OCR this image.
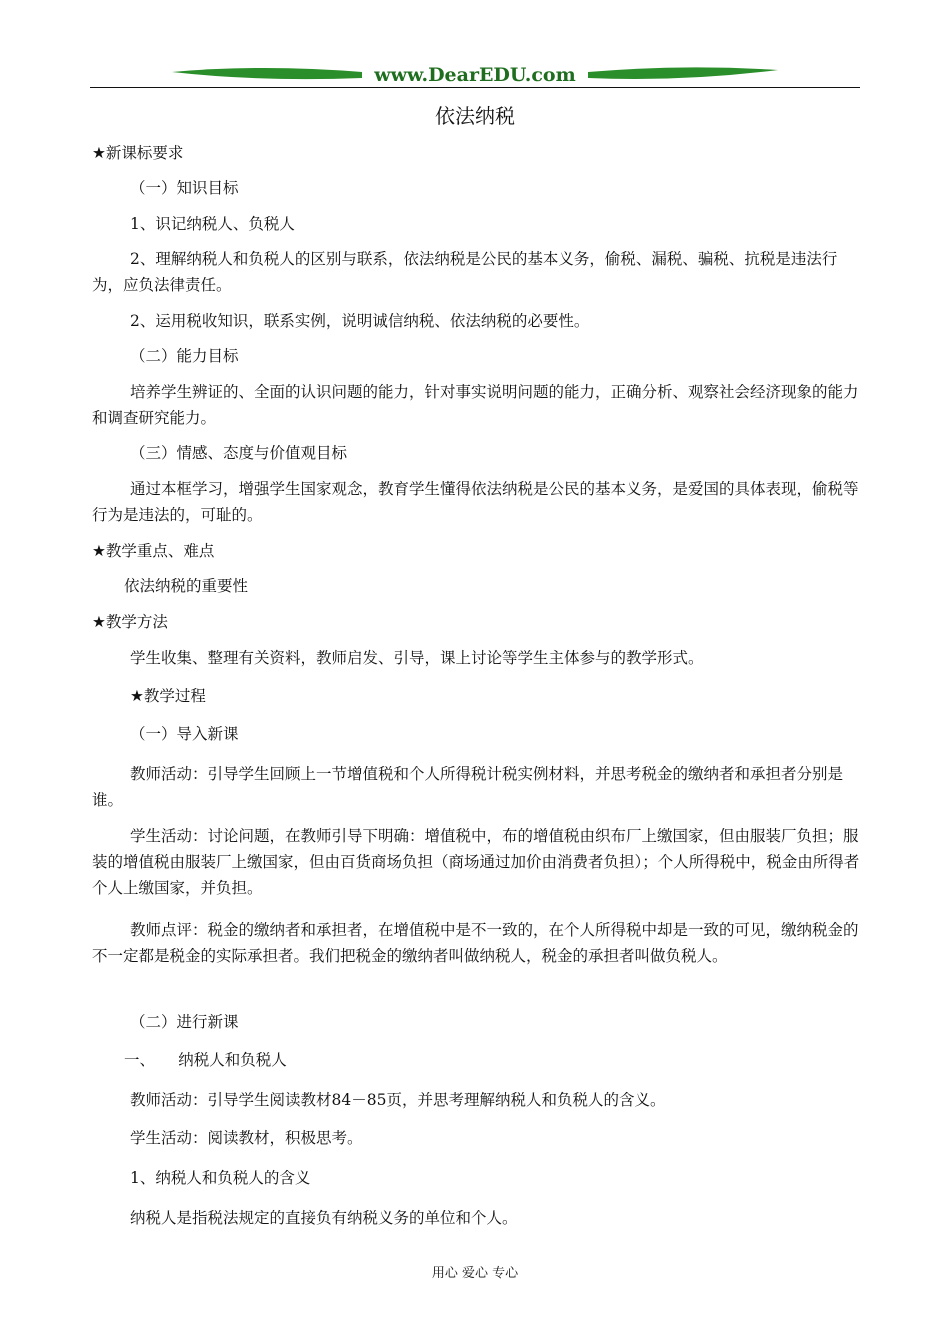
www.DearEDU.com
依法纳税

★新课标要求

（一）知识目标

1、识记纳税人、负税人

2、理解纳税人和负税人的区别与联系，依法纳税是公民的基本义务，偷税、漏税、骗税、抗税是违法行为，应负法律责任。

2、运用税收知识，联系实例，说明诚信纳税、依法纳税的必要性。

（二）能力目标

培养学生辨证的、全面的认识问题的能力，针对事实说明问题的能力，正确分析、观察社会经济现象的能力和调查研究能力。

（三）情感、态度与价值观目标

通过本框学习，增强学生国家观念，教育学生懂得依法纳税是公民的基本义务，是爱国的具体表现，偷税等行为是违法的，可耻的。

★教学重点、难点

依法纳税的重要性

★教学方法

学生收集、整理有关资料，教师启发、引导，课上讨论等学生主体参与的教学形式。

★教学过程

（一）导入新课

教师活动：引导学生回顾上一节增值税和个人所得税计税实例材料，并思考税金的缴纳者和承担者分别是谁。

学生活动：讨论问题，在教师引导下明确：增值税中，布的增值税由织布厂上缴国家，但由服装厂负担；服装的增值税由服装厂上缴国家，但由百货商场负担（商场通过加价由消费者负担）；个人所得税中，税金由所得者个人上缴国家，并负担。

教师点评：税金的缴纳者和承担者，在增值税中是不一致的，在个人所得税中却是一致的可见，缴纳税金的不一定都是税金的实际承担者。我们把税金的缴纳者叫做纳税人，税金的承担者叫做负税人。

（二）进行新课

一、　　纳税人和负税人

教师活动：引导学生阅读教材84－85页，并思考理解纳税人和负税人的含义。

学生活动：阅读教材，积极思考。

1、纳税人和负税人的含义

纳税人是指税法规定的直接负有纳税义务的单位和个人。

用心 爱心 专心
